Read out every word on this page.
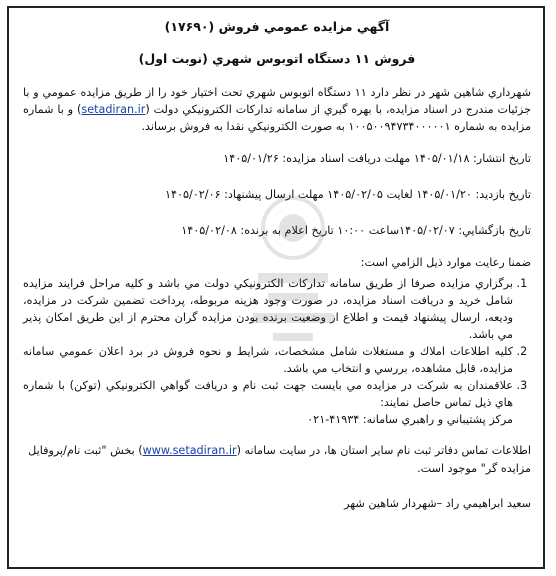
آگهي مزايده عمومي فروش (۱۷۶۹۰)
فروش ۱۱ دستگاه اتوبوس شهري (نوبت اول)

شهرداري شاهين شهر در نظر دارد ۱۱ دستگاه اتوبوس شهري تحت اختيار خود را از طريق مزايده عمومي و با جزئيات مندرج در اسناد مزايده، با بهره گيري از سامانه تداركات الكترونيكي دولت (setadiran.ir) و با شماره مزايده به شماره ۱۰۰۵۰۰۹۴۷۳۴۰۰۰۰۰۱ به صورت الكترونيكي نقدا به فروش برساند.

تاريخ انتشار: ۱۴۰۵/۰۱/۱۸ مهلت دريافت اسناد مزايده: ۱۴۰۵/۰۱/۲۶

تاريخ بازديد: ۱۴۰۵/۰۱/۲۰ لغايت ۱۴۰۵/۰۲/۰۵ مهلت ارسال پيشنهاد: ۱۴۰۵/۰۲/۰۶

تاريخ بازگشايي: ۱۴۰۵/۰۲/۰۷ساعت ۱۰:۰۰ تاريخ اعلام به برنده: ۱۴۰۵/۰۲/۰۸

ضمنا رعايت موارد ذيل الزامي است:

1. برگزاري مزايده صرفا از طريق سامانه تداركات الكترونيكي دولت مي باشد و كليه مراحل فرايند مزايده شامل خريد و دريافت اسناد مزايده، در صورت وجود هزينه مربوطه، پرداخت تضمين شركت در مزايده، وديعه، ارسال پيشنهاد قيمت و اطلاع از وضعيت برنده بودن مزايده گران محترم از اين طريق امكان پذير مي باشد.
2. كليه اطلاعات املاك و مستغلات شامل مشخصات، شرايط و نحوه فروش در برد اعلان عمومي سامانه مزايده، قابل مشاهده، بررسي و انتخاب مي باشد.
3. علاقمندان به شركت در مزايده مي بايست جهت ثبت نام و دريافت گواهي الكترونيكي (توكن) با شماره هاي ذيل تماس حاصل نمايند:
مركز پشتيباني و راهبري سامانه: ۴۱۹۳۴-۰۲۱

اطلاعات تماس دفاتر ثبت نام ساير استان ها، در سايت سامانه (www.setadiran.ir) بخش "ثبت نام/پروفايل مزايده گر" موجود است.

سعيد ابراهيمي راد –شهردار شاهين شهر
